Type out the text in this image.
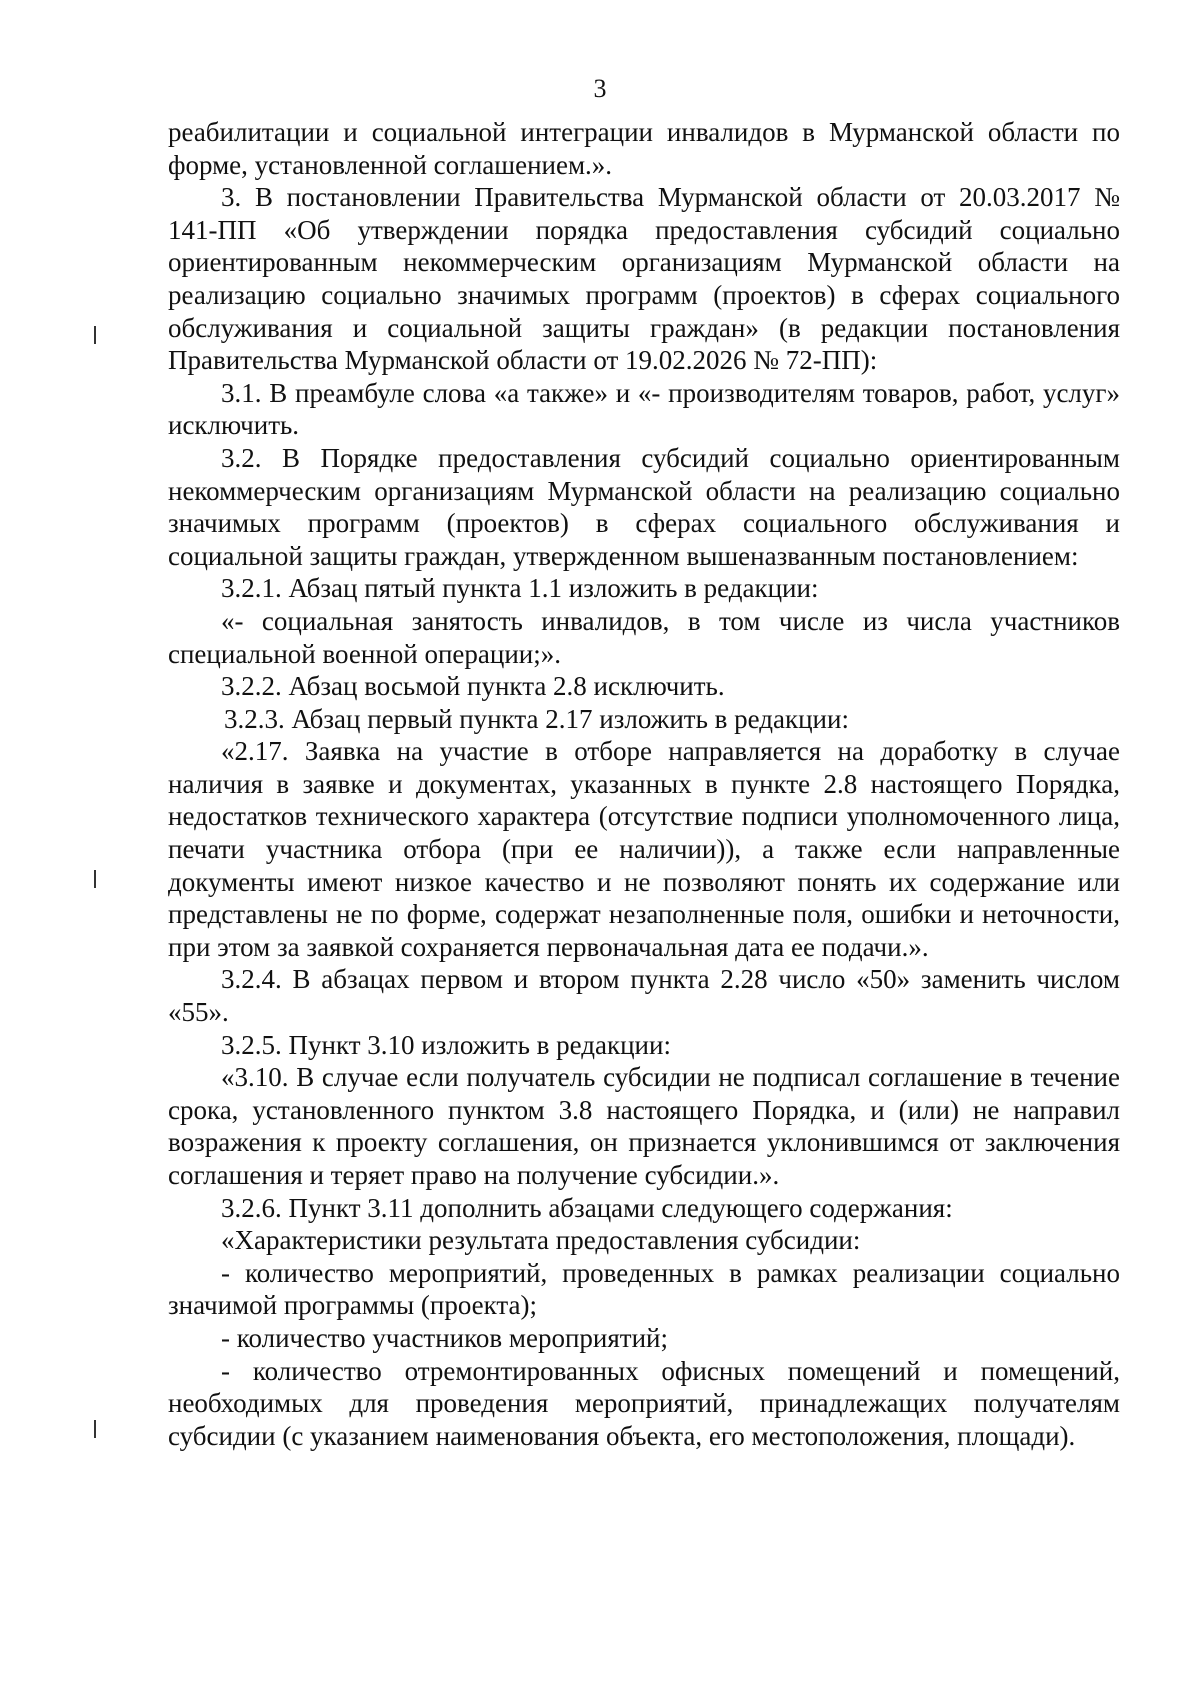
3

реабилитации и социальной интеграции инвалидов в Мурманской области по форме, установленной соглашением.».

3. В постановлении Правительства Мурманской области от 20.03.2017 № 141-ПП «Об утверждении порядка предоставления субсидий социально ориентированным некоммерческим организациям Мурманской области на реализацию социально значимых программ (проектов) в сферах социального обслуживания и социальной защиты граждан» (в редакции постановления Правительства Мурманской области от 19.02.2026 № 72-ПП):

3.1. В преамбуле слова «а также» и «- производителям товаров, работ, услуг» исключить.

3.2. В Порядке предоставления субсидий социально ориентированным некоммерческим организациям Мурманской области на реализацию социально значимых программ (проектов) в сферах социального обслуживания и социальной защиты граждан, утвержденном вышеназванным постановлением:

3.2.1. Абзац пятый пункта 1.1 изложить в редакции:

«- социальная занятость инвалидов, в том числе из числа участников специальной военной операции;».

3.2.2. Абзац восьмой пункта 2.8 исключить.

3.2.3. Абзац первый пункта 2.17 изложить в редакции:

«2.17. Заявка на участие в отборе направляется на доработку в случае наличия в заявке и документах, указанных в пункте 2.8 настоящего Порядка, недостатков технического характера (отсутствие подписи уполномоченного лица, печати участника отбора (при ее наличии)), а также если направленные документы имеют низкое качество и не позволяют понять их содержание или представлены не по форме, содержат незаполненные поля, ошибки и неточности, при этом за заявкой сохраняется первоначальная дата ее подачи.».

3.2.4. В абзацах первом и втором пункта 2.28 число «50» заменить числом «55».

3.2.5. Пункт 3.10 изложить в редакции:

«3.10. В случае если получатель субсидии не подписал соглашение в течение срока, установленного пунктом 3.8 настоящего Порядка, и (или) не направил возражения к проекту соглашения, он признается уклонившимся от заключения соглашения и теряет право на получение субсидии.».

3.2.6. Пункт 3.11 дополнить абзацами следующего содержания:

«Характеристики результата предоставления субсидии:

- количество мероприятий, проведенных в рамках реализации социально значимой программы (проекта);

- количество участников мероприятий;

- количество отремонтированных офисных помещений и помещений, необходимых для проведения мероприятий, принадлежащих получателям субсидии (с указанием наименования объекта, его местоположения, площади).
